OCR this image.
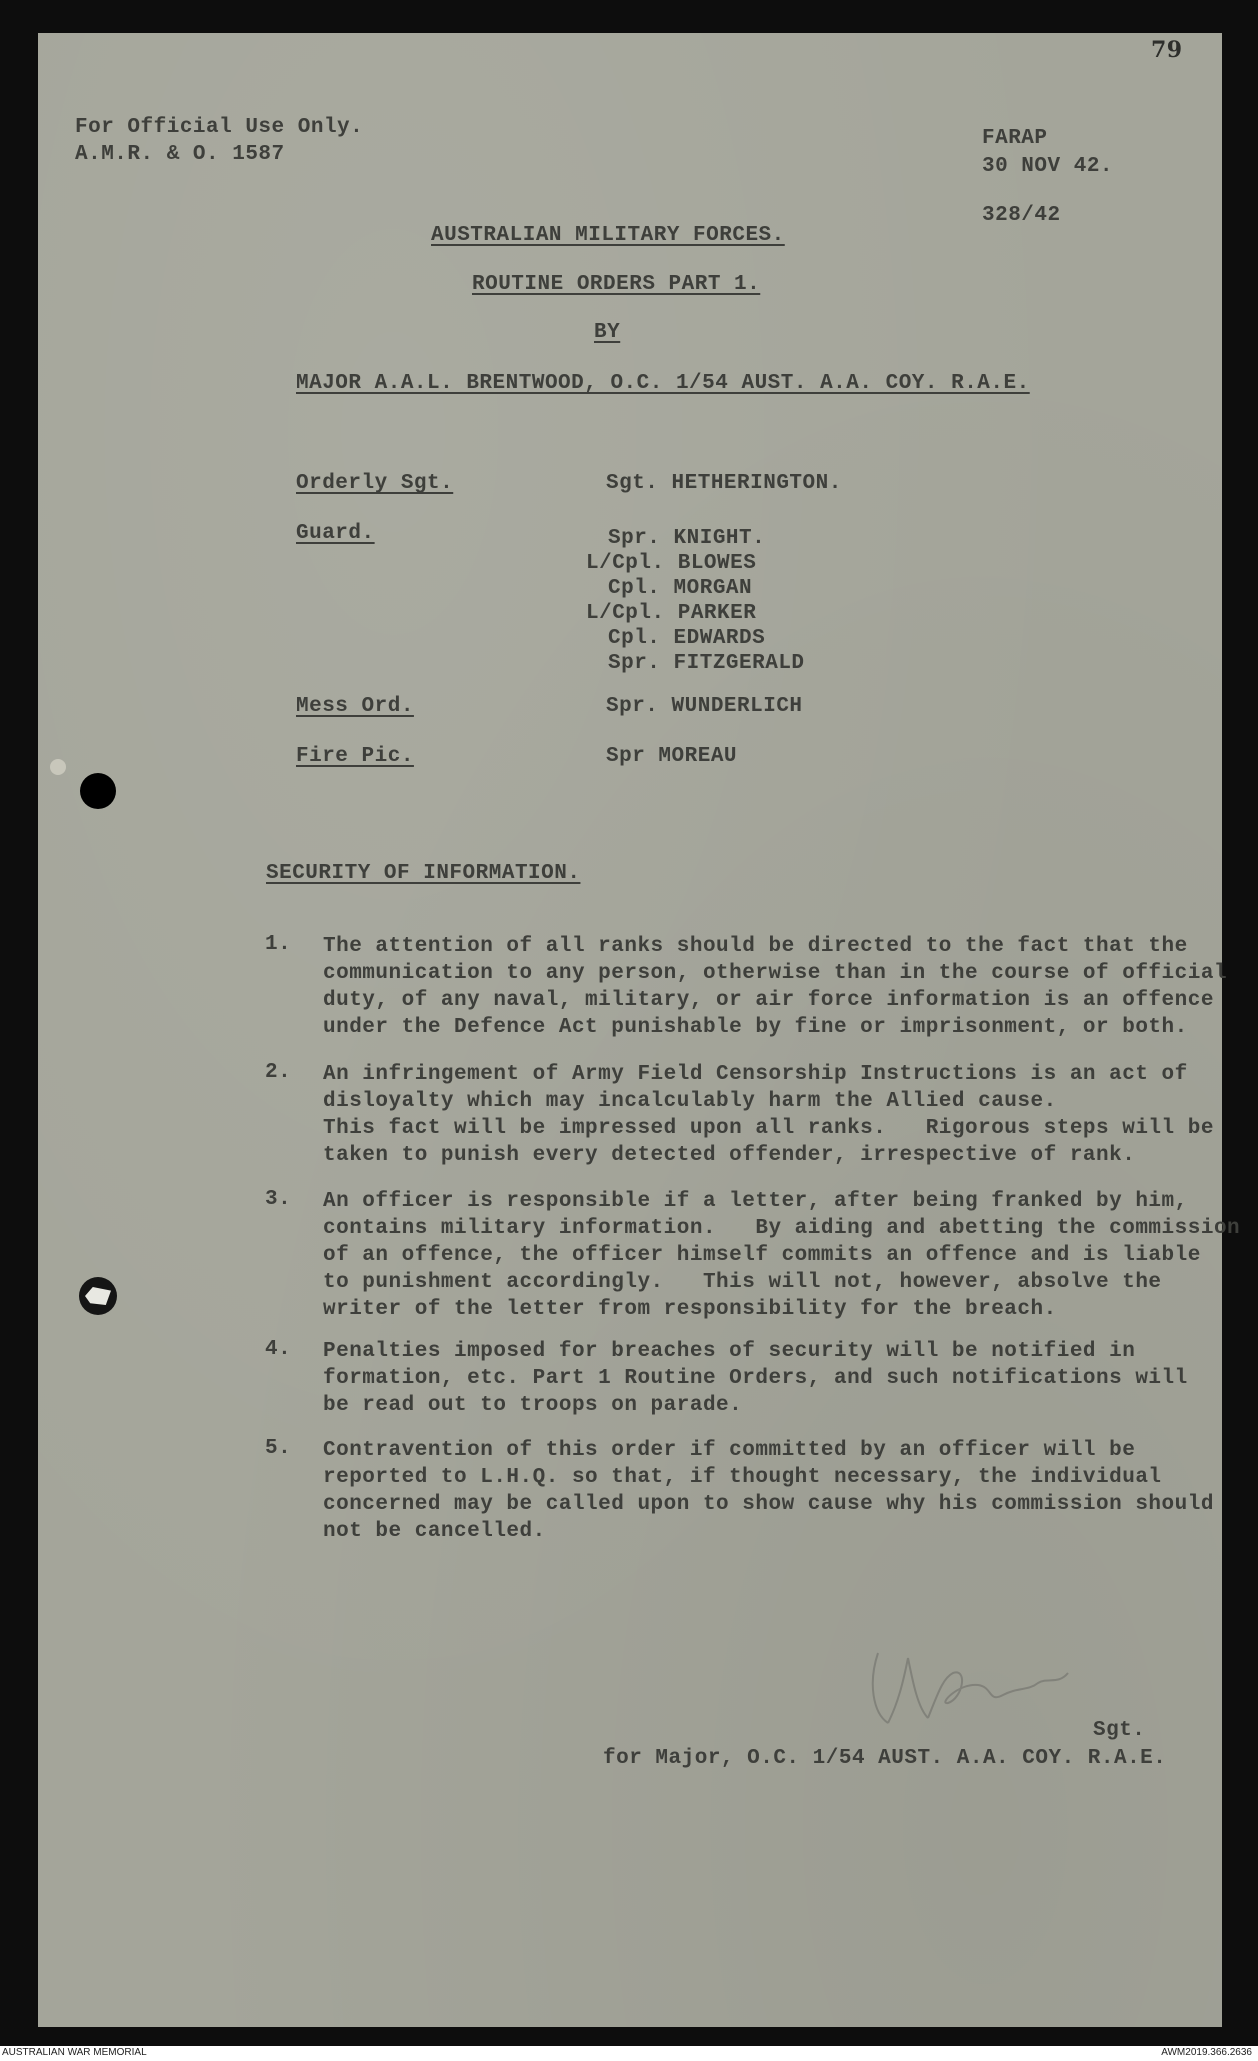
79
For Official Use Only.
A.M.R. & O. 1587
FARAP
30 NOV 42.
328/42
AUSTRALIAN MILITARY FORCES.
ROUTINE ORDERS PART 1.
BY
MAJOR A.A.L. BRENTWOOD, O.C. 1/54 AUST. A.A. COY. R.A.E.
Orderly Sgt.	Sgt. HETHERINGTON.
Guard.	Spr. KNIGHT.
L/Cpl. BLOWES
Cpl. MORGAN
L/Cpl. PARKER
Cpl. EDWARDS
Spr. FITZGERALD
Mess Ord.	Spr. WUNDERLICH
Fire Pic.	Spr MOREAU
SECURITY OF INFORMATION.
1. The attention of all ranks should be directed to the fact that the
communication to any person, otherwise than in the course of official
duty, of any naval, military, or air force information is an offence
under the Defence Act punishable by fine or imprisonment, or both.
2. An infringement of Army Field Censorship Instructions is an act of
disloyalty which may incalculably harm the Allied cause.
This fact will be impressed upon all ranks.   Rigorous steps will be
taken to punish every detected offender, irrespective of rank.
3. An officer is responsible if a letter, after being franked by him,
contains military information.   By aiding and abetting the commission
of an offence, the officer himself commits an offence and is liable
to punishment accordingly.   This will not, however, absolve the
writer of the letter from responsibility for the breach.
4. Penalties imposed for breaches of security will be notified in
formation, etc. Part 1 Routine Orders, and such notifications will
be read out to troops on parade.
5. Contravention of this order if committed by an officer will be
reported to L.H.Q. so that, if thought necessary, the individual
concerned may be called upon to show cause why his commission should
not be cancelled.
Sgt.
for Major, O.C. 1/54 AUST. A.A. COY. R.A.E.
AUSTRALIAN WAR MEMORIAL	AWM2019.366.2636
